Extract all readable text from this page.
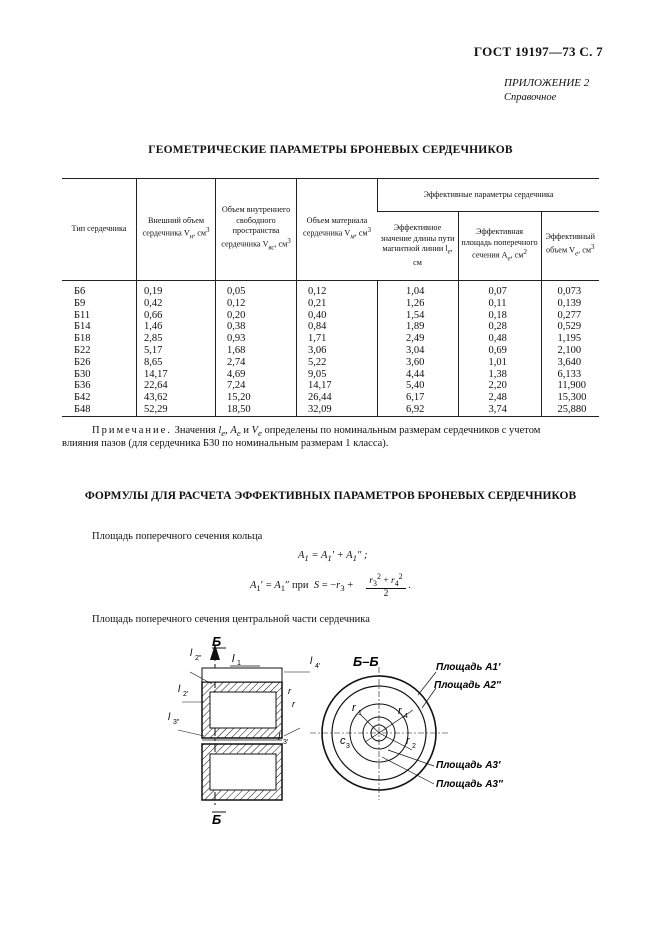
ГОСТ 19197—73 С. 7
ПРИЛОЖЕНИЕ 2
Справочное
ГЕОМЕТРИЧЕСКИЕ ПАРАМЕТРЫ БРОНЕВЫХ СЕРДЕЧНИКОВ
Тип сердечника	Внешний объем сердечника $V_н$, $см^3$	Объем внутреннего свободного пространства сердечника $V_{вс}$, $см^3$	Объем материала сердечника $V_м$, $см^3$	Эффективные параметры сердечника		
				Эффективное значение длины пути магнитной линии $l_e$, см	Эффективная площадь поперечного сечения $A_e$, $см^2$	Эффективный объем $V_e$, $см^3$
Б6	0,19	0,05	0,12	1,04	0,07	0,073
Б9	0,42	0,12	0,21	1,26	0,11	0,139
Б11	0,66	0,20	0,40	1,54	0,18	0,277
Б14	1,46	0,38	0,84	1,89	0,28	0,529
Б18	2,85	0,93	1,71	2,49	0,48	1,195
Б22	5,17	1,68	3,06	3,04	0,69	2,100
Б26	8,65	2,74	5,22	3,60	1,01	3,640
Б30	14,17	4,69	9,05	4,44	1,38	6,133
Б36	22,64	7,24	14,17	5,40	2,20	11,900
Б42	43,62	15,20	26,44	6,17	2,48	15,300
Б48	52,29	18,50	32,09	6,92	3,74	25,880
Примечание. Значения $l_e$, $A_e$ и $V_e$ определены по номинальным размерам сердечников с учетом
влияния пазов (для сердечника Б30 по номинальным размерам 1 класса).
ФОРМУЛЫ ДЛЯ РАСЧЕТА ЭФФЕКТИВНЫХ ПАРАМЕТРОВ БРОНЕВЫХ СЕРДЕЧНИКОВ
Площадь поперечного сечения кольца
$A_1 = A_1' + A_1''$ ;
$A_1' = A_1''$ при  $S = -r_3 + \frac{r_3^2 + r_4^2}{2}$ .
Площадь поперечного сечения центральной части сердечника
l 1
l 2″
l 2′
l 3″
l 4′
r
r
l 3′
Б
Б
Б–Б
r 1	r 4
r 2
c 3
Площадь A1′
Площадь A2″
Площадь A3′
Площадь A3″
